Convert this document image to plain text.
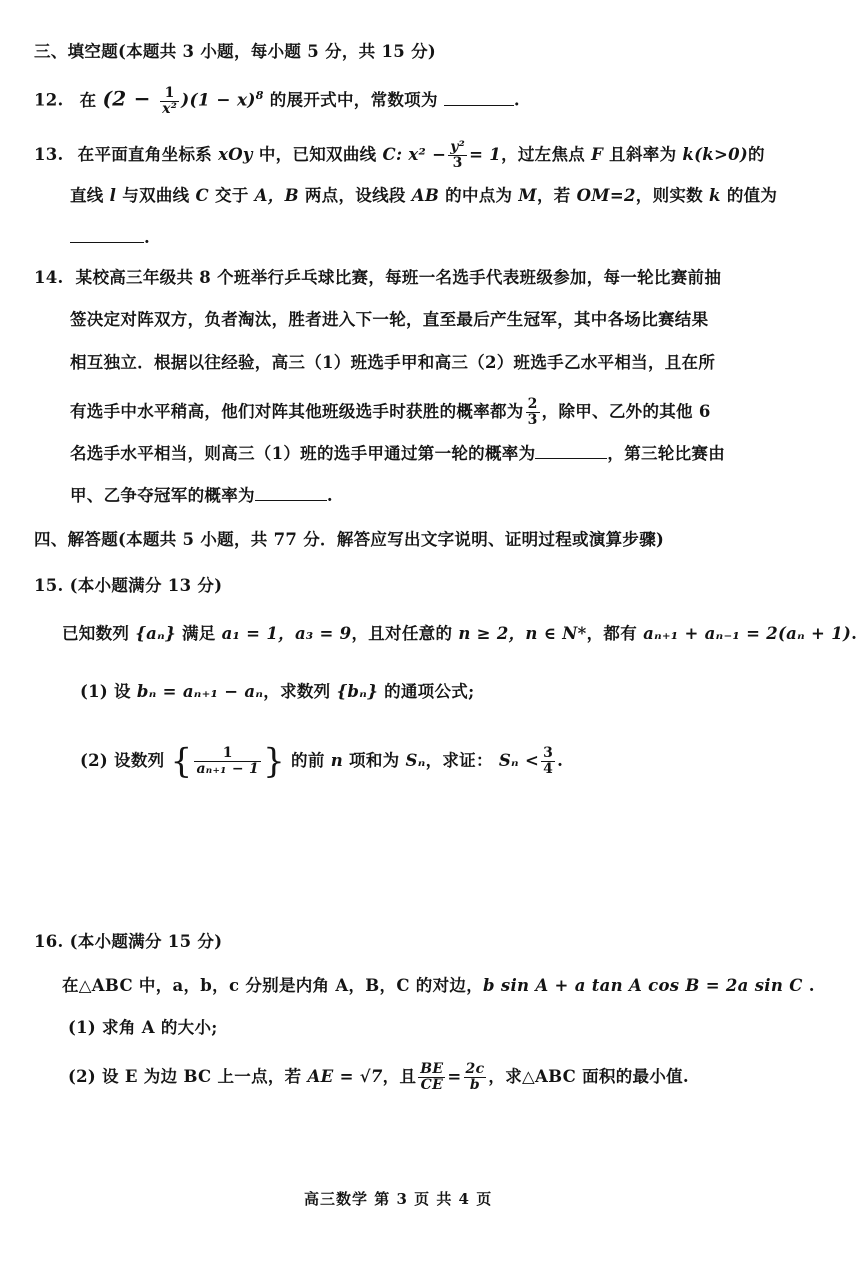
三、填空题(本题共 3 小题，每小题 5 分，共 15 分)
12. 在 $(2 - \frac{1}{\text{x²}} )(1 - x)^8$ 的展开式中，常数项为	.
13. 在平面直角坐标系 xOy 中，已知双曲线 C: $x^2 - \frac{\text{y²}}{3} = 1$，过左焦点 F 且斜率为 k(k>0)的
直线 l 与双曲线 C 交于 A，B 两点，设线段 AB 的中点为 M，若 OM=2，则实数 k 的值为
.
14. 某校高三年级共 8 个班举行乒乓球比赛，每班一名选手代表班级参加，每一轮比赛前抽
签决定对阵双方，负者淘汰，胜者进入下一轮，直至最后产生冠军，其中各场比赛结果
相互独立．根据以往经验，高三（1）班选手甲和高三（2）班选手乙水平相当，且在所
有选手中水平稍高，他们对阵其他班级选手时获胜的概率都为 $\frac{2}{3}$ ，除甲、乙外的其他 6
名选手水平相当，则高三（1）班的选手甲通过第一轮的概率为	，第三轮比赛由
甲、乙争夺冠军的概率为	.
四、解答题(本题共 5 小题，共 77 分．解答应写出文字说明、证明过程或演算步骤)
15. (本小题满分 13 分)
已知数列 {aₙ} 满足 a₁ = 1，a₃ = 9，且对任意的 n ≥ 2，n ∈ N*，都有 aₙ₊₁ + aₙ₋₁ = 2(aₙ + 1).
(1) 设 bₙ = aₙ₊₁ − aₙ，求数列 {bₙ} 的通项公式;
(2) 设数列 { $\frac{1}{\text{aₙ₊₁ − 1}}$ } 的前 n 项和为 Sₙ，求证： $S_n < \frac{3}{4}$ .
16. (本小题满分 15 分)
在△ABC 中，a，b，c 分别是内角 A，B，C 的对边，b sin A + a tan A cos B = 2a sin C .
(1) 求角 A 的大小;
(2) 设 E 为边 BC 上一点，若 AE = √7，且 $\frac{BE}{CE} = \frac{2c}{b}$ ，求△ABC 面积的最小值.
高三数学 第 3 页 共 4 页
